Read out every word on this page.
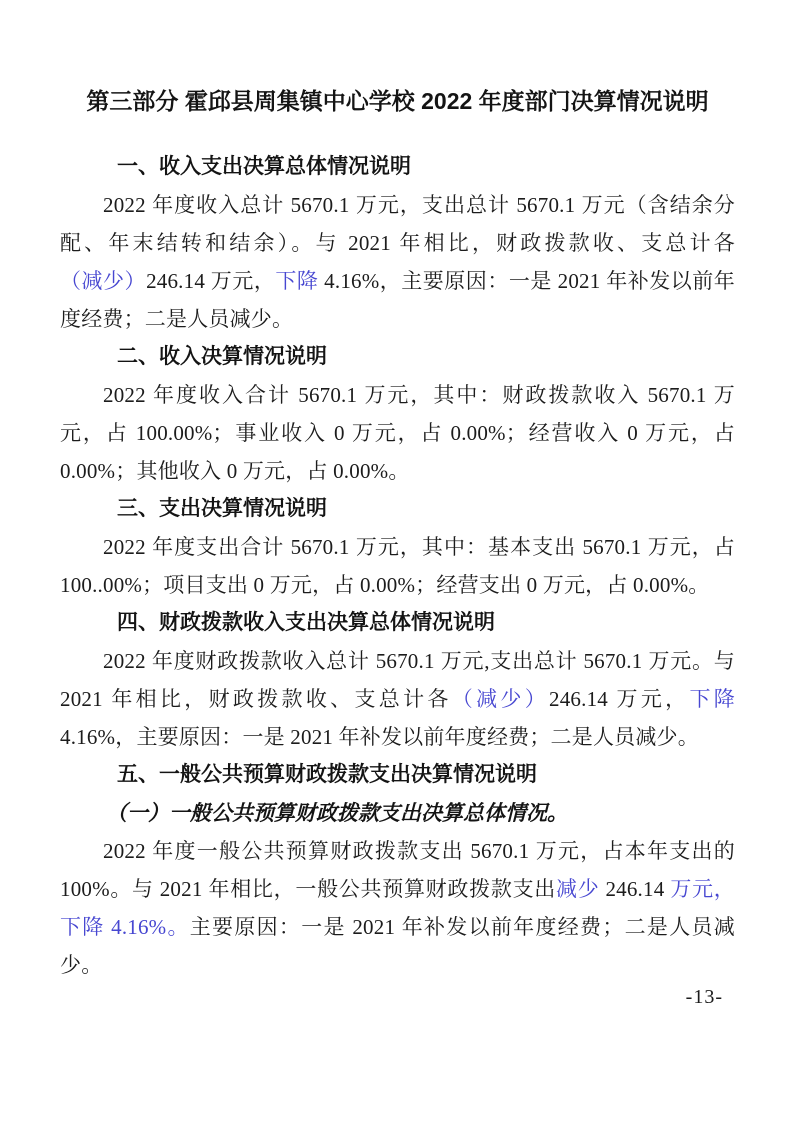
第三部分 霍邱县周集镇中心学校 2022 年度部门决算情况说明
一、收入支出决算总体情况说明

2022 年度收入总计 5670.1 万元，支出总计 5670.1 万元（含结余分配、年末结转和结余）。与 2021 年相比，财政拨款收、支总计各（减少）246.14 万元，下降 4.16%，主要原因：一是 2021 年补发以前年度经费；二是人员减少。

二、收入决算情况说明

2022 年度收入合计 5670.1 万元，其中：财政拨款收入 5670.1 万元，占 100.00%；事业收入 0 万元，占 0.00%；经营收入 0 万元，占 0.00%；其他收入 0 万元，占 0.00%。

三、支出决算情况说明

2022 年度支出合计 5670.1 万元，其中：基本支出 5670.1 万元，占 100..00%；项目支出 0 万元，占 0.00%；经营支出 0 万元，占 0.00%。

四、财政拨款收入支出决算总体情况说明

2022 年度财政拨款收入总计 5670.1 万元,支出总计 5670.1 万元。与 2021 年相比，财政拨款收、支总计各（减少）246.14 万元，下降 4.16%，主要原因：一是 2021 年补发以前年度经费；二是人员减少。

五、一般公共预算财政拨款支出决算情况说明
（一）一般公共预算财政拨款支出决算总体情况。

2022 年度一般公共预算财政拨款支出 5670.1 万元，占本年支出的 100%。与 2021 年相比，一般公共预算财政拨款支出减少 246.14 万元，下降 4.16%。主要原因：一是 2021 年补发以前年度经费；二是人员减少。

-13-
